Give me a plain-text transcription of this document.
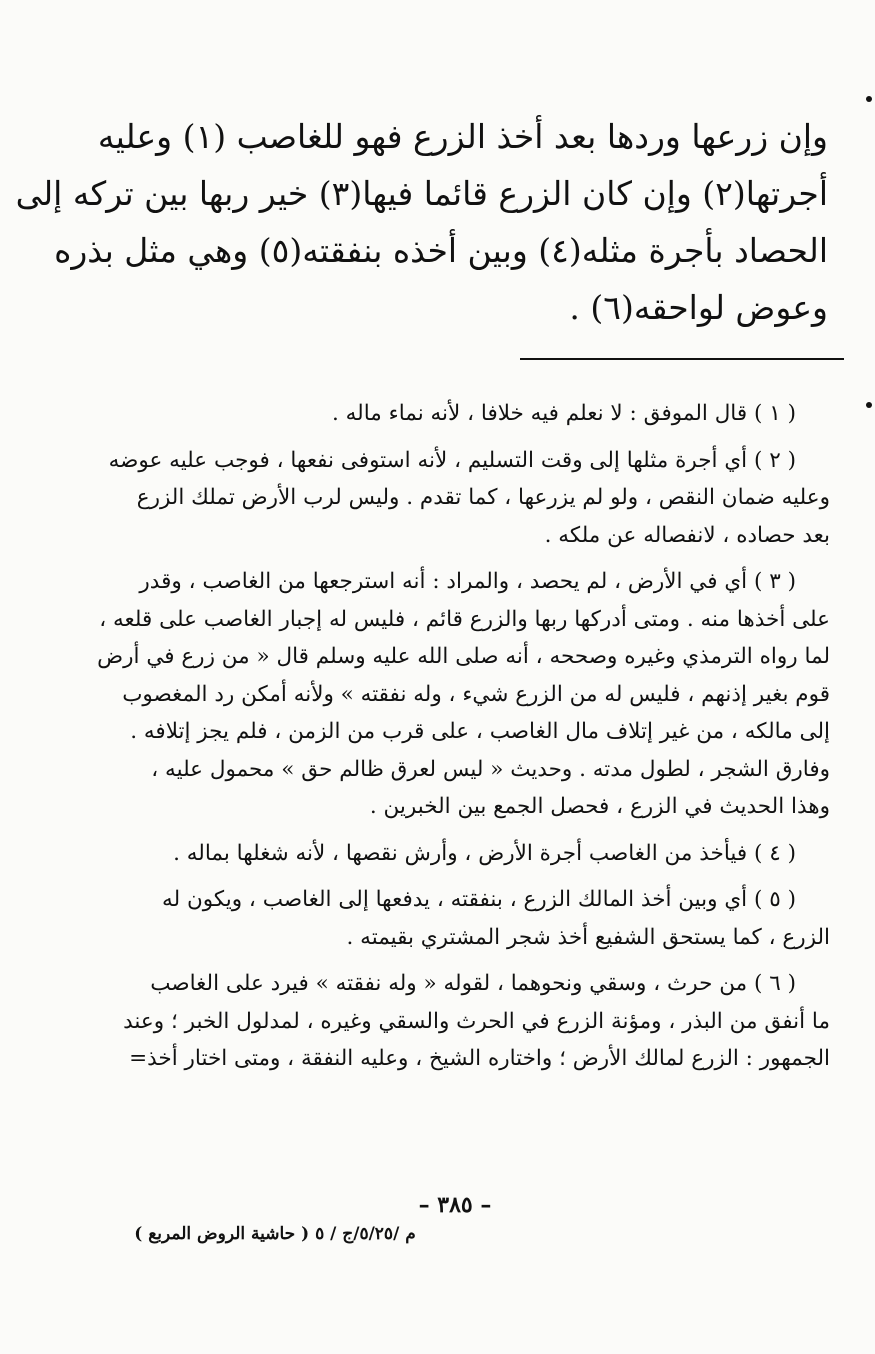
وإن زرعها وردها بعد أخذ الزرع فهو للغاصب (١) وعليه
أجرتها(٢) وإن كان الزرع قائما فيها(٣) خير ربها بين تركه إلى
الحصاد بأجرة مثله(٤) وبين أخذه بنفقته(٥) وهي مثل بذره
وعوض لواحقه(٦) .
( ١ ) قال الموفق : لا نعلم فيه خلافا ، لأنه نماء ماله .
( ٢ ) أي أجرة مثلها إلى وقت التسليم ، لأنه استوفى نفعها ، فوجب عليه عوضه
وعليه ضمان النقص ، ولو لم يزرعها ، كما تقدم . وليس لرب الأرض تملك الزرع
بعد حصاده ، لانفصاله عن ملكه .
( ٣ ) أي في الأرض ، لم يحصد ، والمراد : أنه استرجعها من الغاصب ، وقدر
على أخذها منه . ومتى أدركها ربها والزرع قائم ، فليس له إجبار الغاصب على قلعه ،
لما رواه الترمذي وغيره وصححه ، أنه صلى الله عليه وسلم قال « من زرع في أرض
قوم بغير إذنهم ، فليس له من الزرع شيء ، وله نفقته » ولأنه أمكن رد المغصوب
إلى مالكه ، من غير إتلاف مال الغاصب ، على قرب من الزمن ، فلم يجز إتلافه .
وفارق الشجر ، لطول مدته . وحديث « ليس لعرق ظالم حق » محمول عليه ،
وهذا الحديث في الزرع ، فحصل الجمع بين الخبرين .
( ٤ ) فيأخذ من الغاصب أجرة الأرض ، وأرش نقصها ، لأنه شغلها بماله .
( ٥ ) أي وبين أخذ المالك الزرع ، بنفقته ، يدفعها إلى الغاصب ، ويكون له
الزرع ، كما يستحق الشفيع أخذ شجر المشتري بقيمته .
( ٦ ) من حرث ، وسقي ونحوهما ، لقوله « وله نفقته » فيرد على الغاصب
ما أنفق من البذر ، ومؤنة الزرع في الحرث والسقي وغيره ، لمدلول الخبر ؛ وعند
الجمهور : الزرع لمالك الأرض ؛ واختاره الشيخ ، وعليه النفقة ، ومتى اختار أخذ=
– ٣٨٥ –
م /٥/٢٥/ج / ٥ ( حاشية الروض المربع )
